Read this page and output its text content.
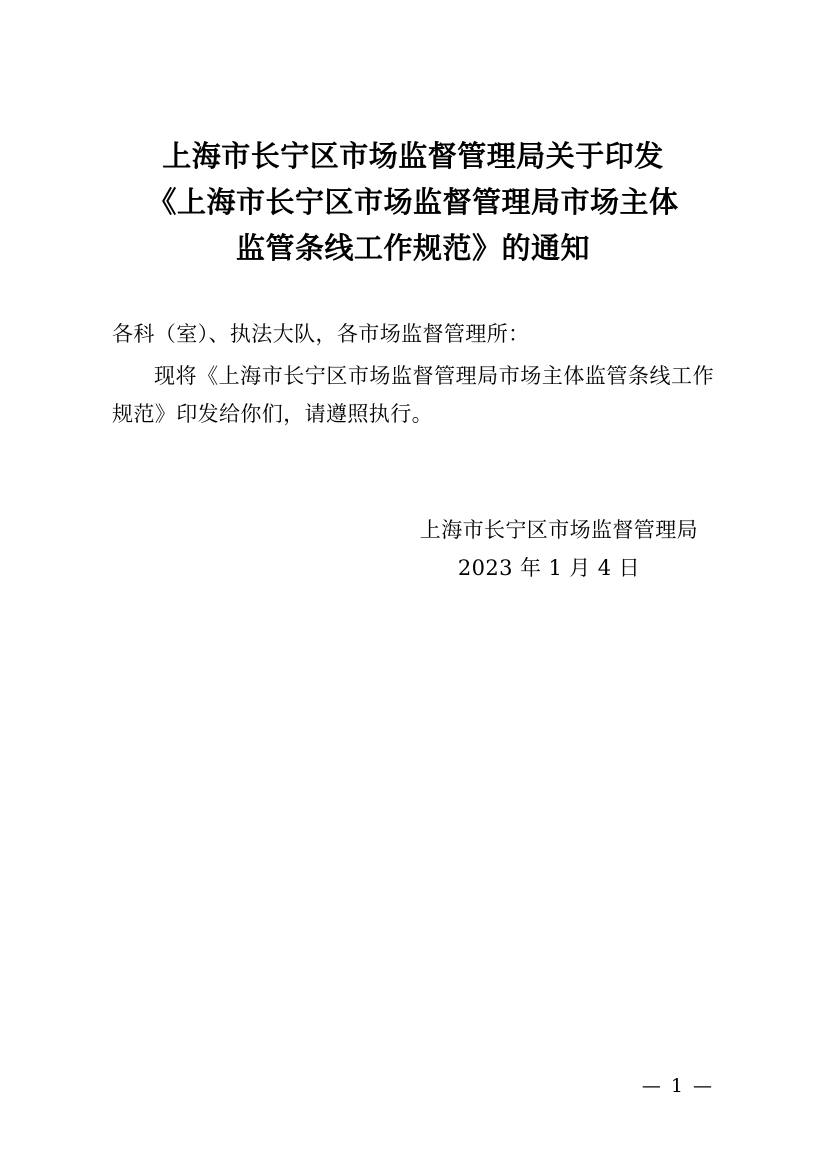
上海市长宁区市场监督管理局关于印发
《上海市长宁区市场监督管理局市场主体
监管条线工作规范》的通知

各科（室）、执法大队，各市场监督管理所：

现将《上海市长宁区市场监督管理局市场主体监管条线工作规范》印发给你们，请遵照执行。

上海市长宁区市场监督管理局
2023 年 1 月 4 日
— 1 —
